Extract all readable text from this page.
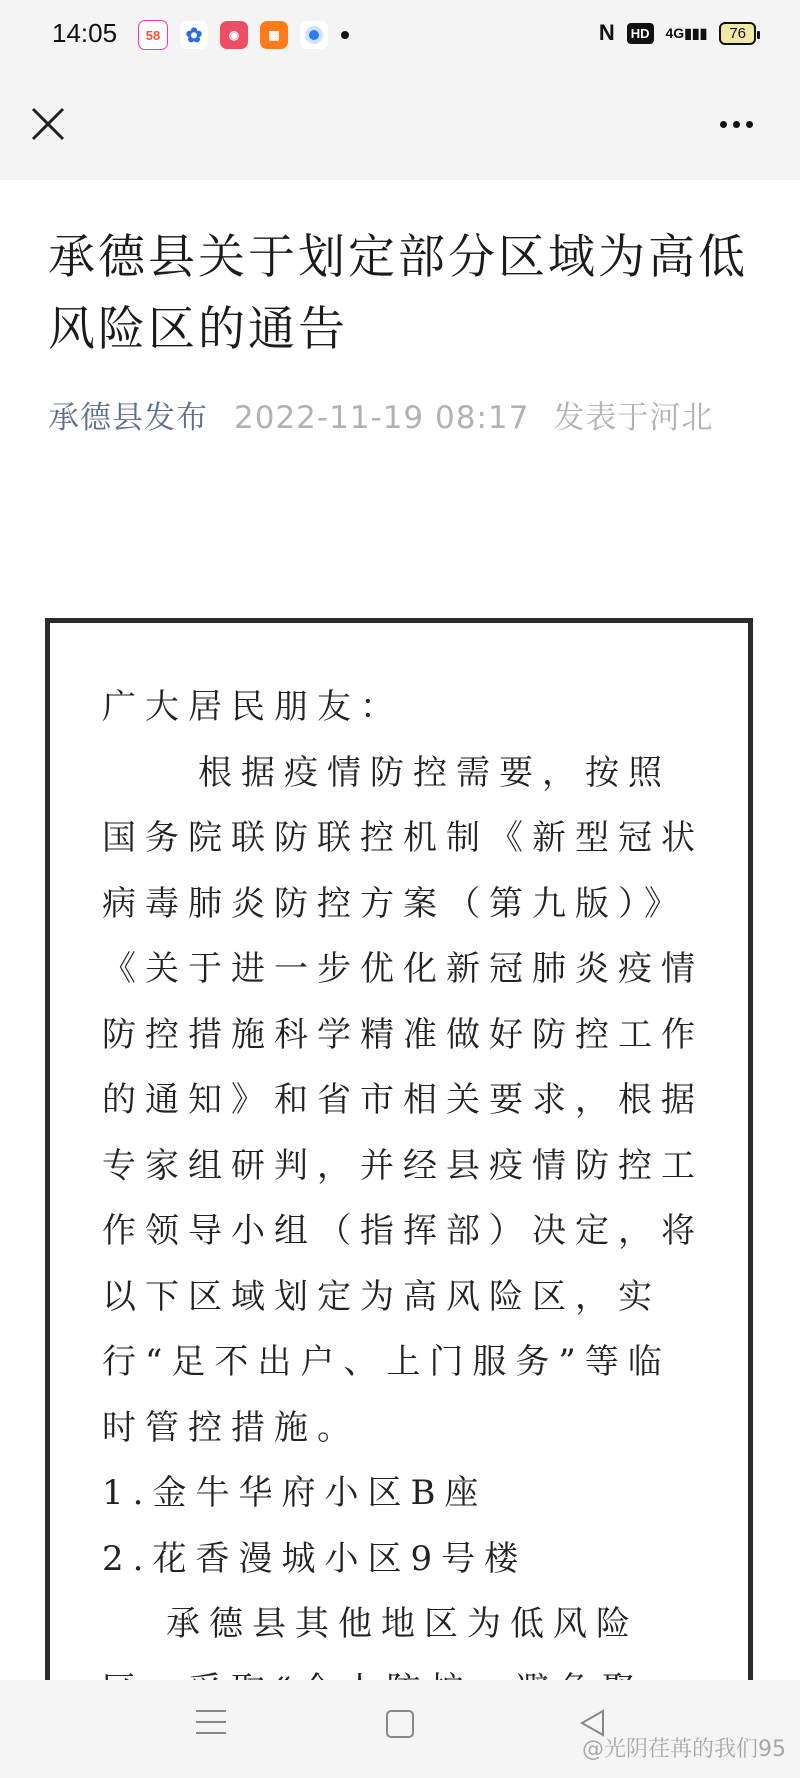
14:05	58	✿	◉	▩	N	HD 4G▮▮▮	76
承德县关于划定部分区域为高低风险区的通告
承德县发布 2022-11-19 08:17 发表于河北

广大居民朋友：

根据疫情防控需要，按照国务院联防联控机制《新型冠状病毒肺炎防控方案（第九版）》《关于进一步优化新冠肺炎疫情防控措施科学精准做好防控工作的通知》和省市相关要求，根据专家组研判，并经县疫情防控工作领导小组（指挥部）决定，将以下区域划定为高风险区，实行“足不出户、上门服务”等临时管控措施。

1.金牛华府小区B座

2.花香漫城小区9号楼

承德县其他地区为低风险

@光阴荏苒的我们95
